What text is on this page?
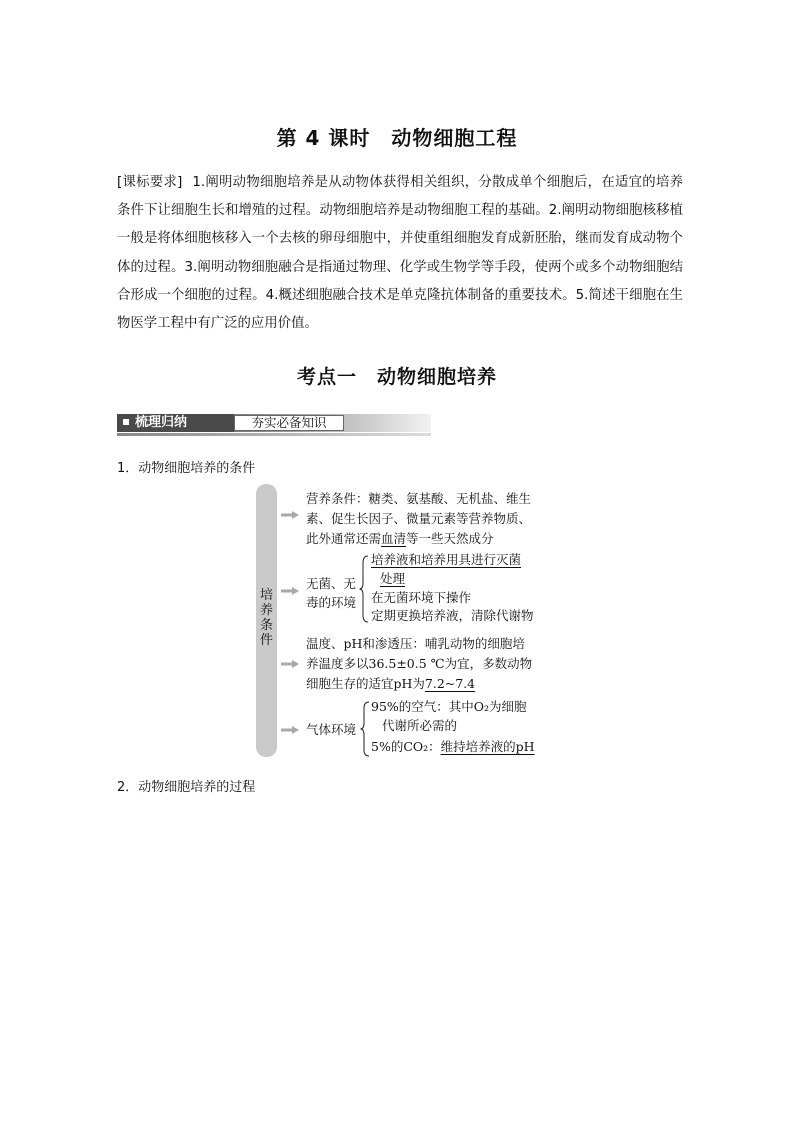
第 4 课时　动物细胞工程
[课标要求] 1.阐明动物细胞培养是从动物体获得相关组织，分散成单个细胞后，在适宜的培养条件下让细胞生长和增殖的过程。动物细胞培养是动物细胞工程的基础。2.阐明动物细胞核移植一般是将体细胞核移入一个去核的卵母细胞中，并使重组细胞发育成新胚胎，继而发育成动物个体的过程。3.阐明动物细胞融合是指通过物理、化学或生物学等手段，使两个或多个动物细胞结合形成一个细胞的过程。4.概述细胞融合技术是单克隆抗体制备的重要技术。5.简述干细胞在生物医学工程中有广泛的应用价值。
考点一　动物细胞培养
梳理归纳	夯实必备知识
1．动物细胞培养的条件
培
养
条
件
营养条件：糖类、氨基酸、无机盐、维生
素、促生长因子、微量元素等营养物质、
此外通常还需血清等一些天然成分
无菌、无
毒的环境
培养液和培养用具进行灭菌
处理
在无菌环境下操作
定期更换培养液，清除代谢物
温度、pH和渗透压：哺乳动物的细胞培
养温度多以36.5±0.5 ℃为宜，多数动物
细胞生存的适宜pH为7.2~7.4
气体环境
95%的空气：其中O₂为细胞
代谢所必需的
5%的CO₂：维持培养液的pH
2．动物细胞培养的过程
